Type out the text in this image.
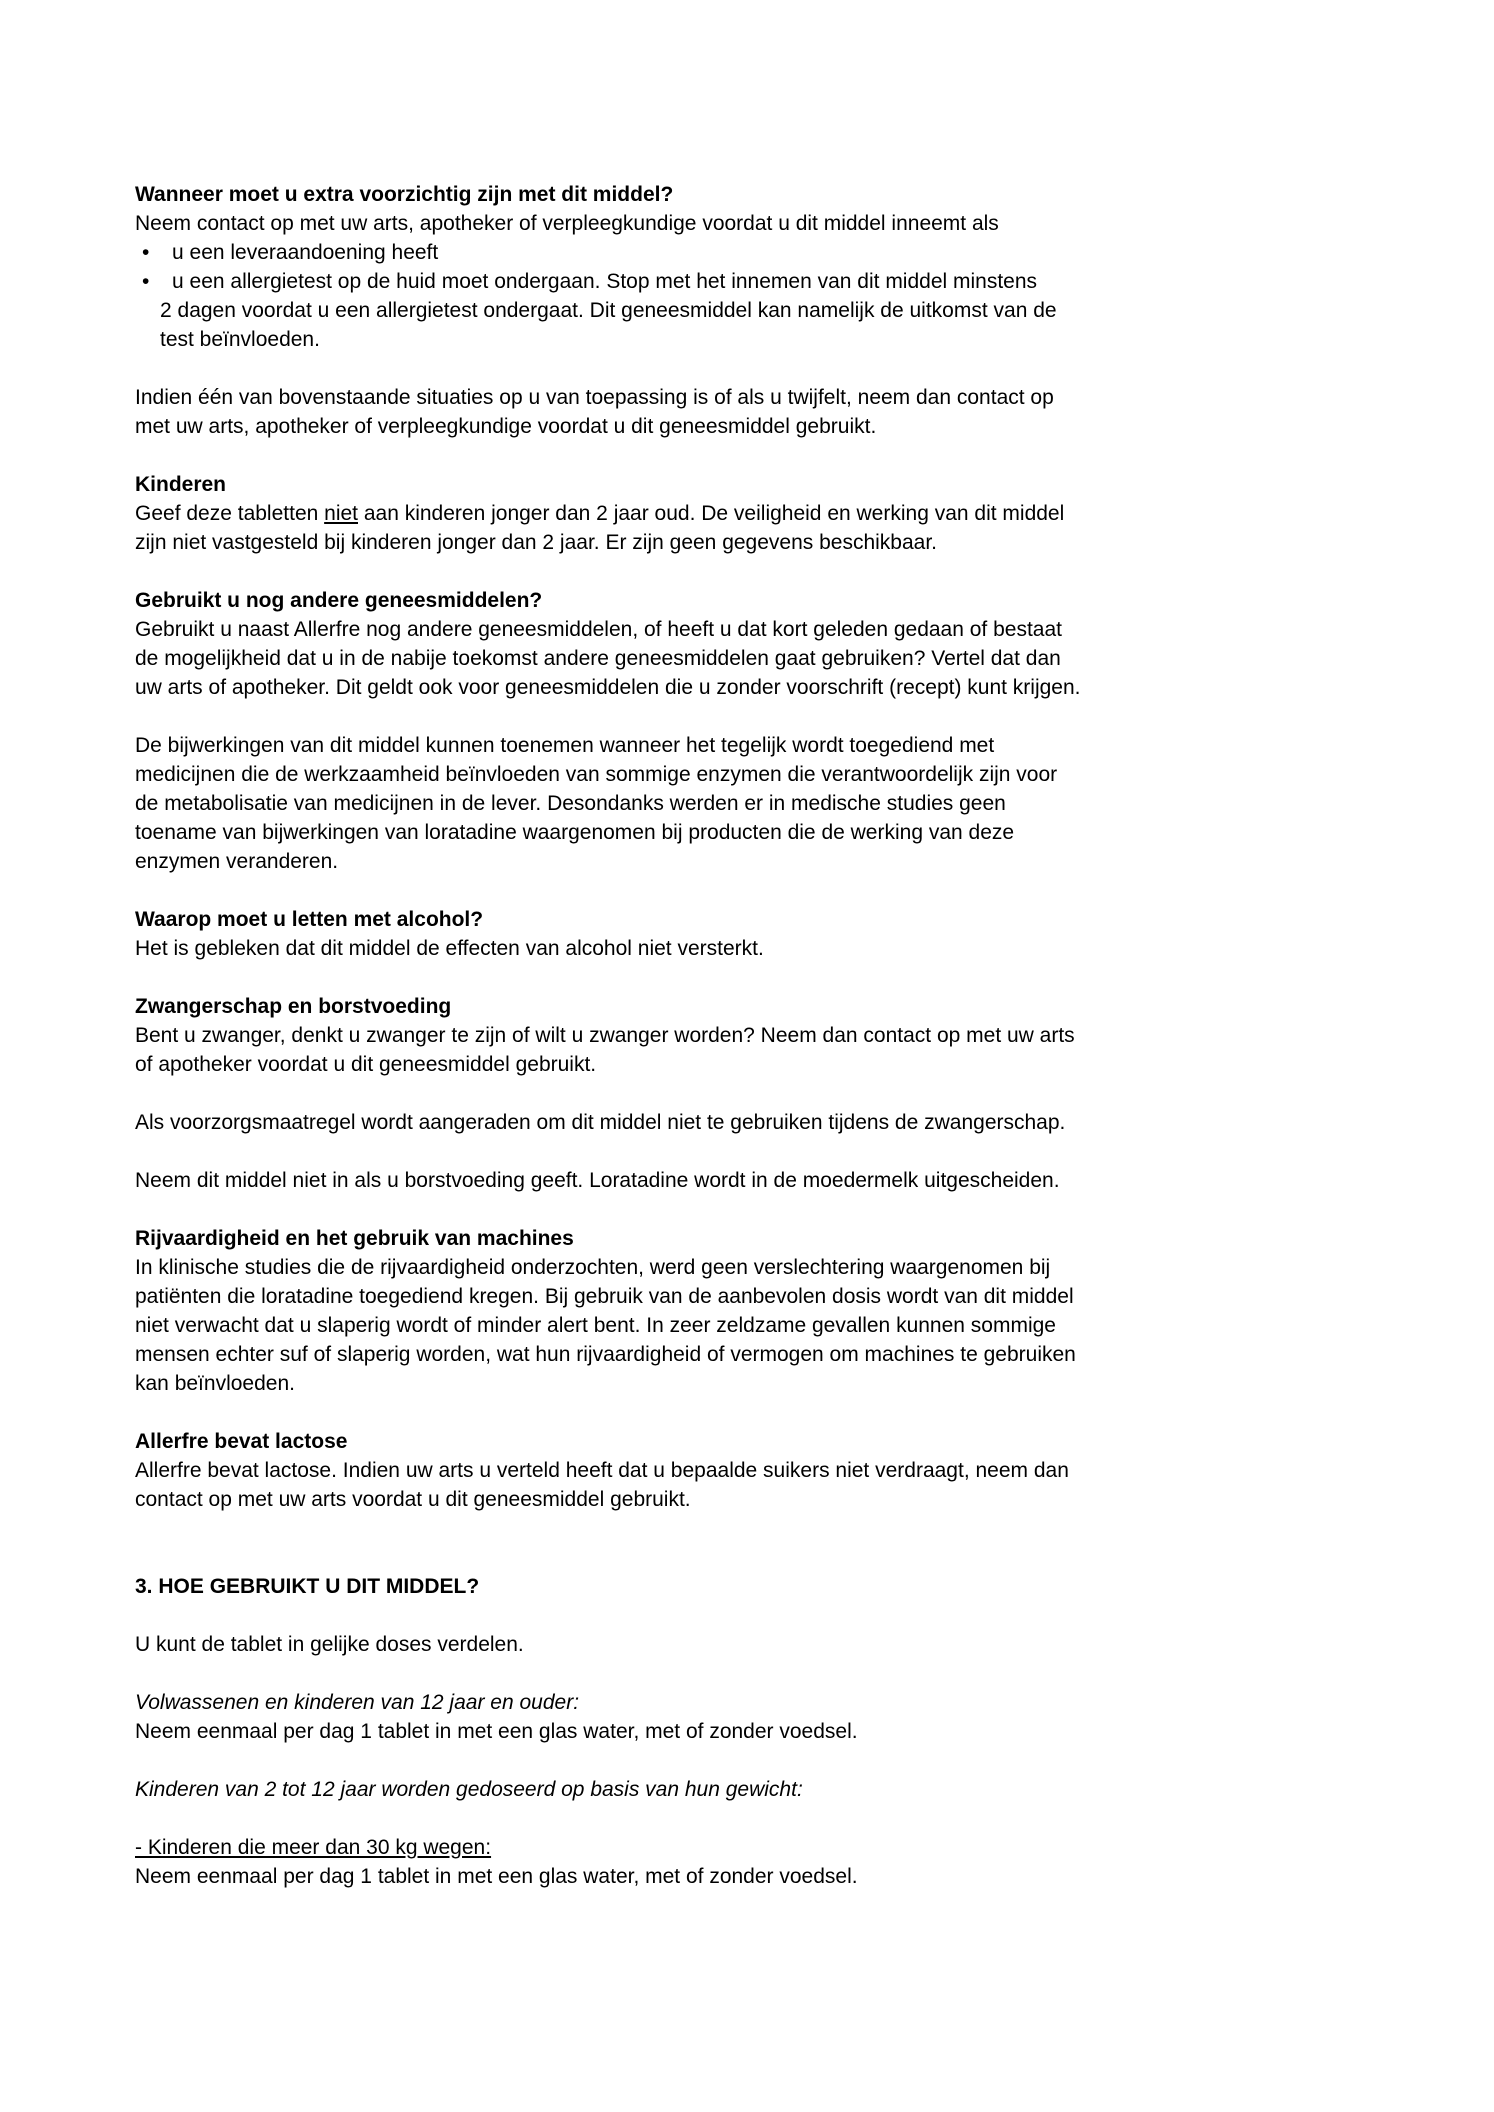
Wanneer moet u extra voorzichtig zijn met dit middel?
Neem contact op met uw arts, apotheker of verpleegkundige voordat u dit middel inneemt als
• u een leveraandoening heeft
• u een allergietest op de huid moet ondergaan. Stop met het innemen van dit middel minstens
2 dagen voordat u een allergietest ondergaat. Dit geneesmiddel kan namelijk de uitkomst van de
test beïnvloeden.
Indien één van bovenstaande situaties op u van toepassing is of als u twijfelt, neem dan contact op
met uw arts, apotheker of verpleegkundige voordat u dit geneesmiddel gebruikt.
Kinderen
Geef deze tabletten niet aan kinderen jonger dan 2 jaar oud. De veiligheid en werking van dit middel
zijn niet vastgesteld bij kinderen jonger dan 2 jaar. Er zijn geen gegevens beschikbaar.
Gebruikt u nog andere geneesmiddelen?
Gebruikt u naast Allerfre nog andere geneesmiddelen, of heeft u dat kort geleden gedaan of bestaat
de mogelijkheid dat u in de nabije toekomst andere geneesmiddelen gaat gebruiken? Vertel dat dan
uw arts of apotheker. Dit geldt ook voor geneesmiddelen die u zonder voorschrift (recept) kunt krijgen.
De bijwerkingen van dit middel kunnen toenemen wanneer het tegelijk wordt toegediend met
medicijnen die de werkzaamheid beïnvloeden van sommige enzymen die verantwoordelijk zijn voor
de metabolisatie van medicijnen in de lever. Desondanks werden er in medische studies geen
toename van bijwerkingen van loratadine waargenomen bij producten die de werking van deze
enzymen veranderen.
Waarop moet u letten met alcohol?
Het is gebleken dat dit middel de effecten van alcohol niet versterkt.
Zwangerschap en borstvoeding
Bent u zwanger, denkt u zwanger te zijn of wilt u zwanger worden? Neem dan contact op met uw arts
of apotheker voordat u dit geneesmiddel gebruikt.
Als voorzorgsmaatregel wordt aangeraden om dit middel niet te gebruiken tijdens de zwangerschap.
Neem dit middel niet in als u borstvoeding geeft. Loratadine wordt in de moedermelk uitgescheiden.
Rijvaardigheid en het gebruik van machines
In klinische studies die de rijvaardigheid onderzochten, werd geen verslechtering waargenomen bij
patiënten die loratadine toegediend kregen. Bij gebruik van de aanbevolen dosis wordt van dit middel
niet verwacht dat u slaperig wordt of minder alert bent. In zeer zeldzame gevallen kunnen sommige
mensen echter suf of slaperig worden, wat hun rijvaardigheid of vermogen om machines te gebruiken
kan beïnvloeden.
Allerfre bevat lactose
Allerfre bevat lactose. Indien uw arts u verteld heeft dat u bepaalde suikers niet verdraagt, neem dan
contact op met uw arts voordat u dit geneesmiddel gebruikt.
3. HOE GEBRUIKT U DIT MIDDEL?
U kunt de tablet in gelijke doses verdelen.
Volwassenen en kinderen van 12 jaar en ouder:
Neem eenmaal per dag 1 tablet in met een glas water, met of zonder voedsel.
Kinderen van 2 tot 12 jaar worden gedoseerd op basis van hun gewicht:
- Kinderen die meer dan 30 kg wegen:
Neem eenmaal per dag 1 tablet in met een glas water, met of zonder voedsel.
